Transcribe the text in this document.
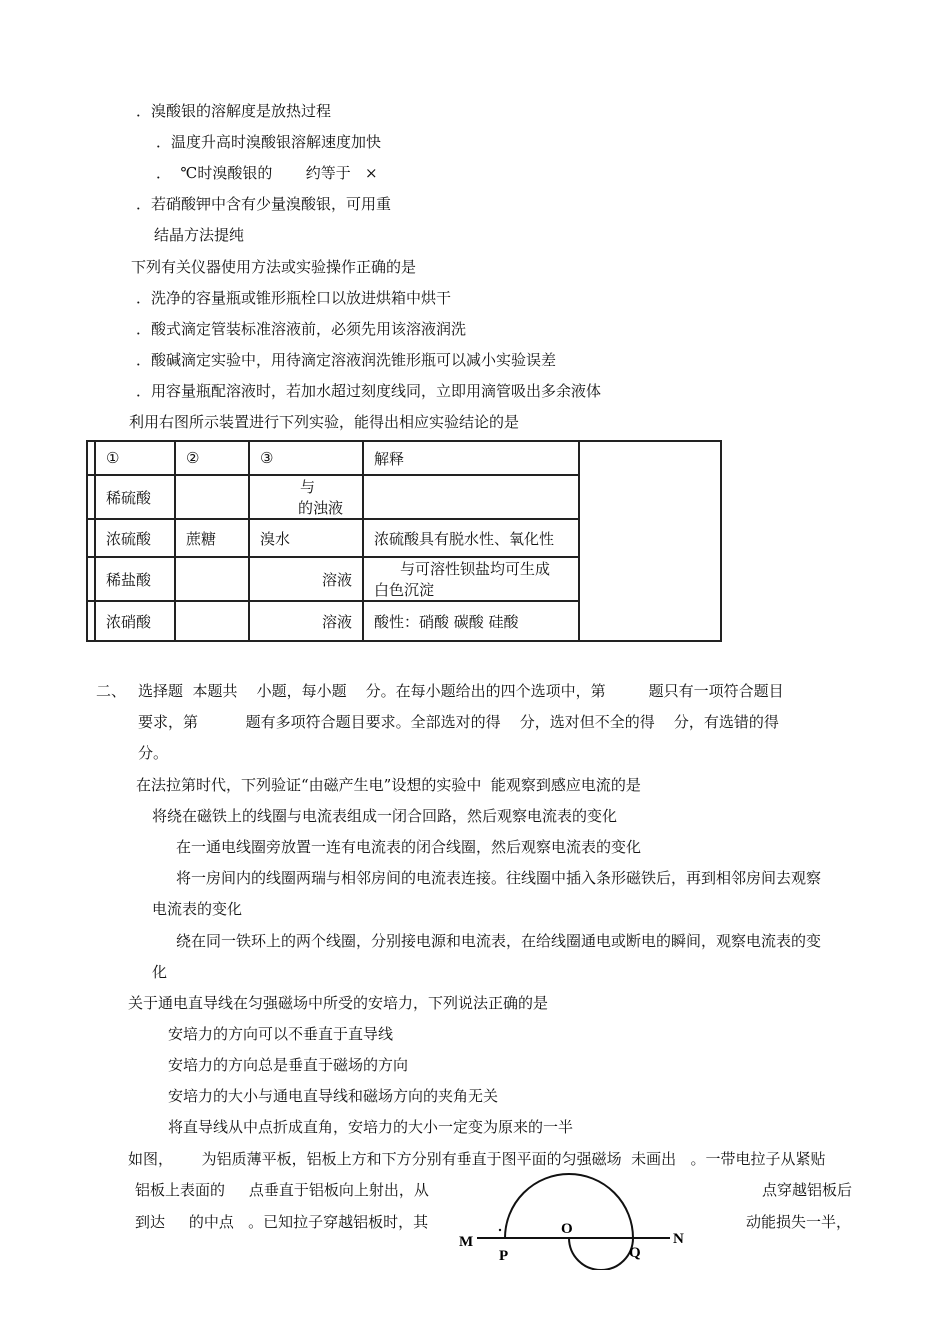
．溴酸银的溶解度是放热过程
．温度升高时溴酸银溶解速度加快
．  ℃时溴酸银的       约等于   ×
．若硝酸钾中含有少量溴酸银，可用重
结晶方法提纯
下列有关仪器使用方法或实验操作正确的是
．洗净的容量瓶或锥形瓶栓口以放进烘箱中烘干
．酸式滴定管装标准溶液前，必须先用该溶液润洗
．酸碱滴定实验中，用待滴定溶液润洗锥形瓶可以减小实验误差
．用容量瓶配溶液时，若加水超过刻度线同，立即用滴管吸出多余液体
利用右图所示装置进行下列实验，能得出相应实验结论的是
	①	②	③	解释	
	稀硫酸		与
的浊液		

	浓硫酸	蔗糖	溴水	浓硫酸具有脱水性、氧化性	
	稀盐酸		溶液	与可溶性钡盐均可生成
白色沉淀	

	浓硝酸		溶液	酸性：硝酸 碳酸 硅酸	
二、 选择题  本题共    小题，每小题    分。在每小题给出的四个选项中，第         题只有一项符合题目
要求，第          题有多项符合题目要求。全部选对的得    分，选对但不全的得    分，有选错的得
分。
在法拉第时代，下列验证“由磁产生电”设想的实验中  能观察到感应电流的是
将绕在磁铁上的线圈与电流表组成一闭合回路，然后观察电流表的变化
在一通电线圈旁放置一连有电流表的闭合线圈，然后观察电流表的变化
将一房间内的线圈两瑞与相邻房间的电流表连接。往线圈中插入条形磁铁后，再到相邻房间去观察
电流表的变化
绕在同一铁环上的两个线圈，分别接电源和电流表，在给线圈通电或断电的瞬间，观察电流表的变
化
关于通电直导线在匀强磁场中所受的安培力，下列说法正确的是
安培力的方向可以不垂直于直导线
安培力的方向总是垂直于磁场的方向
安培力的大小与通电直导线和磁场方向的夹角无关
将直导线从中点折成直角，安培力的大小一定变为原来的一半
如图，      为铝质薄平板，铝板上方和下方分别有垂直于图平面的匀强磁场  未画出   。一带电拉子从紧贴
铝板上表面的     点垂直于铝板向上射出，从	点穿越铝板后
到达     的中点   。已知拉子穿越铝板时，其	动能损失一半，
M
P
O
Q
N
